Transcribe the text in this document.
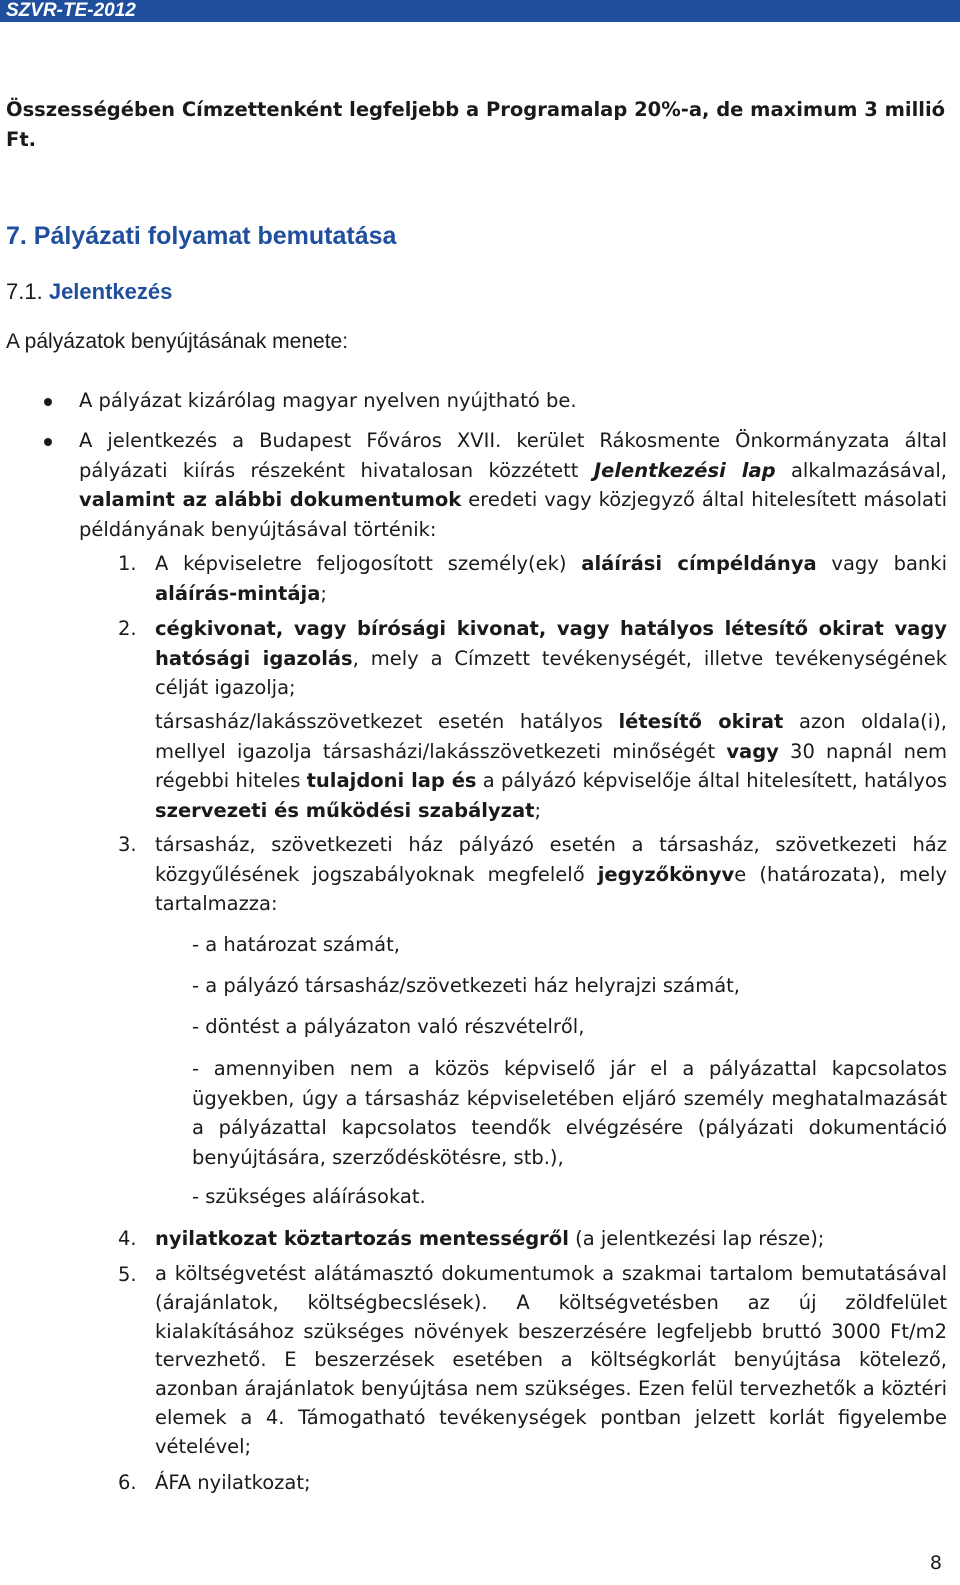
SZVR-TE-2012

Összességében Címzettenként legfeljebb a Programalap 20%-a, de maximum 3 millió Ft.

7. Pályázati folyamat bemutatása

7.1. Jelentkezés

A pályázatok benyújtásának menete:

A pályázat kizárólag magyar nyelven nyújtható be.

A jelentkezés a Budapest Főváros XVII. kerület Rákosmente Önkormányzata által pályázati kiírás részeként hivatalosan közzétett Jelentkezési lap alkalmazásával, valamint az alábbi dokumentumok eredeti vagy közjegyző által hitelesített másolati példányának benyújtásával történik:

1. A képviseletre feljogosított személy(ek) aláírási címpéldánya vagy banki aláírás-mintája;

2. cégkivonat, vagy bírósági kivonat, vagy hatályos létesítő okirat vagy hatósági igazolás, mely a Címzett tevékenységét, illetve tevékenységének célját igazolja;

társasház/lakásszövetkezet esetén hatályos létesítő okirat azon oldala(i), mellyel igazolja társasházi/lakásszövetkezeti minőségét vagy 30 napnál nem régebbi hiteles tulajdoni lap és a pályázó képviselője által hitelesített, hatályos szervezeti és működési szabályzat;

3. társasház, szövetkezeti ház pályázó esetén a társasház, szövetkezeti ház közgyűlésének jogszabályoknak megfelelő jegyzőkönyve (határozata), mely tartalmazza:

- a határozat számát,

- a pályázó társasház/szövetkezeti ház helyrajzi számát,

- döntést a pályázaton való részvételről,

- amennyiben nem a közös képviselő jár el a pályázattal kapcsolatos ügyekben, úgy a társasház képviseletében eljáró személy meghatalmazását a pályázattal kapcsolatos teendők elvégzésére (pályázati dokumentáció benyújtására, szerződéskötésre, stb.),

- szükséges aláírásokat.

4. nyilatkozat köztartozás mentességről (a jelentkezési lap része);

5. a költségvetést alátámasztó dokumentumok a szakmai tartalom bemutatásával (árajánlatok, költségbecslések). A költségvetésben az új zöldfelület kialakításához szükséges növények beszerzésére legfeljebb bruttó 3000 Ft/m2 tervezhető. E beszerzések esetében a költségkorlát benyújtása kötelező, azonban árajánlatok benyújtása nem szükséges. Ezen felül tervezhetők a köztéri elemek a 4. Támogatható tevékenységek pontban jelzett korlát figyelembe vételével;

6. ÁFA nyilatkozat;

8
